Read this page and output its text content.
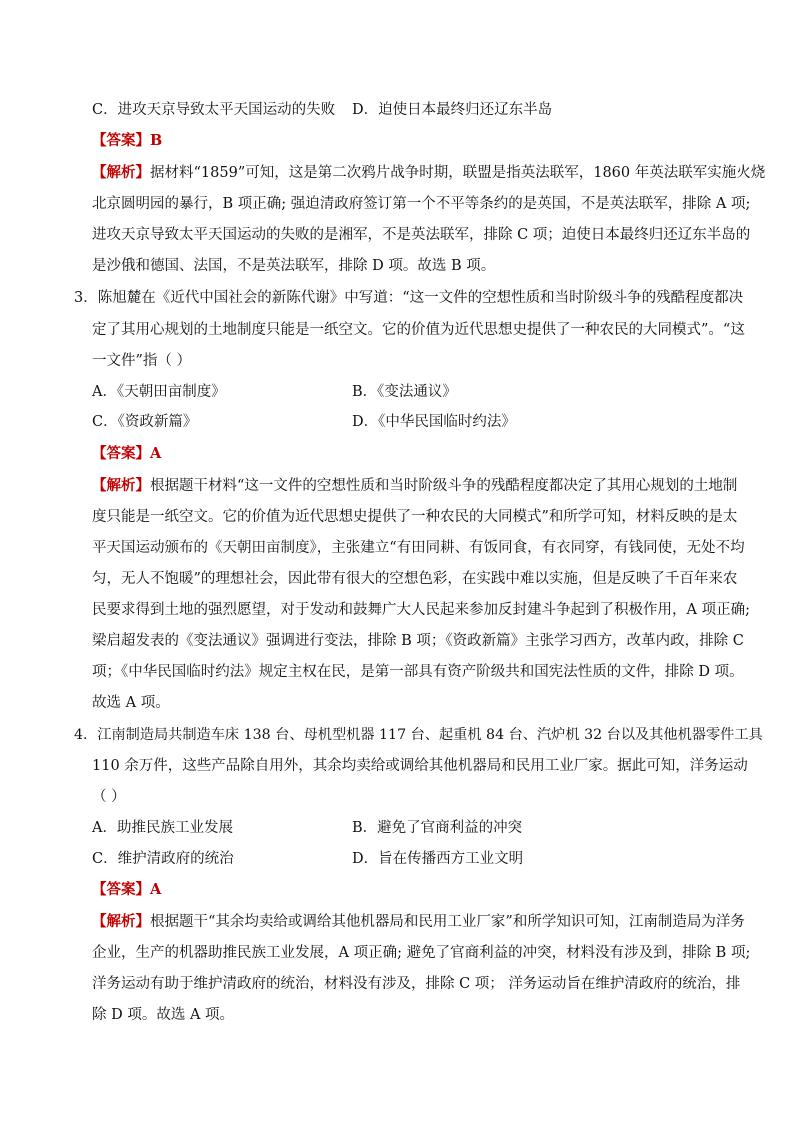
C．进攻天京导致太平天国运动的失败 D．迫使日本最终归还辽东半岛
【答案】B
【解析】据材料“1859”可知，这是第二次鸦片战争时期，联盟是指英法联军，1860 年英法联军实施火烧
北京圆明园的暴行，B 项正确; 强迫清政府签订第一个不平等条约的是英国，不是英法联军，排除 A 项;
进攻天京导致太平天国运动的失败的是湘军，不是英法联军，排除 C 项；迫使日本最终归还辽东半岛的
是沙俄和德国、法国，不是英法联军，排除 D 项。故选 B 项。
3．陈旭麓在《近代中国社会的新陈代谢》中写道：“这一文件的空想性质和当时阶级斗争的残酷程度都决
定了其用心规划的土地制度只能是一纸空文。它的价值为近代思想史提供了一种农民的大同模式”。“这
一文件”指（ ）
A．《天朝田亩制度》	B．《变法通议》
C．《资政新篇》	D．《中华民国临时约法》
【答案】A
【解析】根据题干材料“这一文件的空想性质和当时阶级斗争的残酷程度都决定了其用心规划的土地制
度只能是一纸空文。它的价值为近代思想史提供了一种农民的大同模式”和所学可知，材料反映的是太
平天国运动颁布的《天朝田亩制度》，主张建立“有田同耕、有饭同食，有衣同穿，有钱同使，无处不均
匀，无人不饱暖”的理想社会，因此带有很大的空想色彩，在实践中难以实施，但是反映了千百年来农
民要求得到土地的强烈愿望，对于发动和鼓舞广大人民起来参加反封建斗争起到了积极作用，A 项正确;
梁启超发表的《变法通议》强调进行变法，排除 B 项；《资政新篇》主张学习西方，改革内政，排除 C
项；《中华民国临时约法》规定主权在民，是第一部具有资产阶级共和国宪法性质的文件，排除 D 项。
故选 A 项。
4．江南制造局共制造车床 138 台、母机型机器 117 台、起重机 84 台、汽炉机 32 台以及其他机器零件工具
110 余万件，这些产品除自用外，其余均卖给或调给其他机器局和民用工业厂家。据此可知，洋务运动
（ ）
A．助推民族工业发展	B．避免了官商利益的冲突
C．维护清政府的统治	D．旨在传播西方工业文明
【答案】A
【解析】根据题干“其余均卖给或调给其他机器局和民用工业厂家”和所学知识可知，江南制造局为洋务
企业，生产的机器助推民族工业发展，A 项正确; 避免了官商利益的冲突，材料没有涉及到，排除 B 项;
洋务运动有助于维护清政府的统治，材料没有涉及，排除 C 项； 洋务运动旨在维护清政府的统治，排
除 D 项。故选 A 项。
